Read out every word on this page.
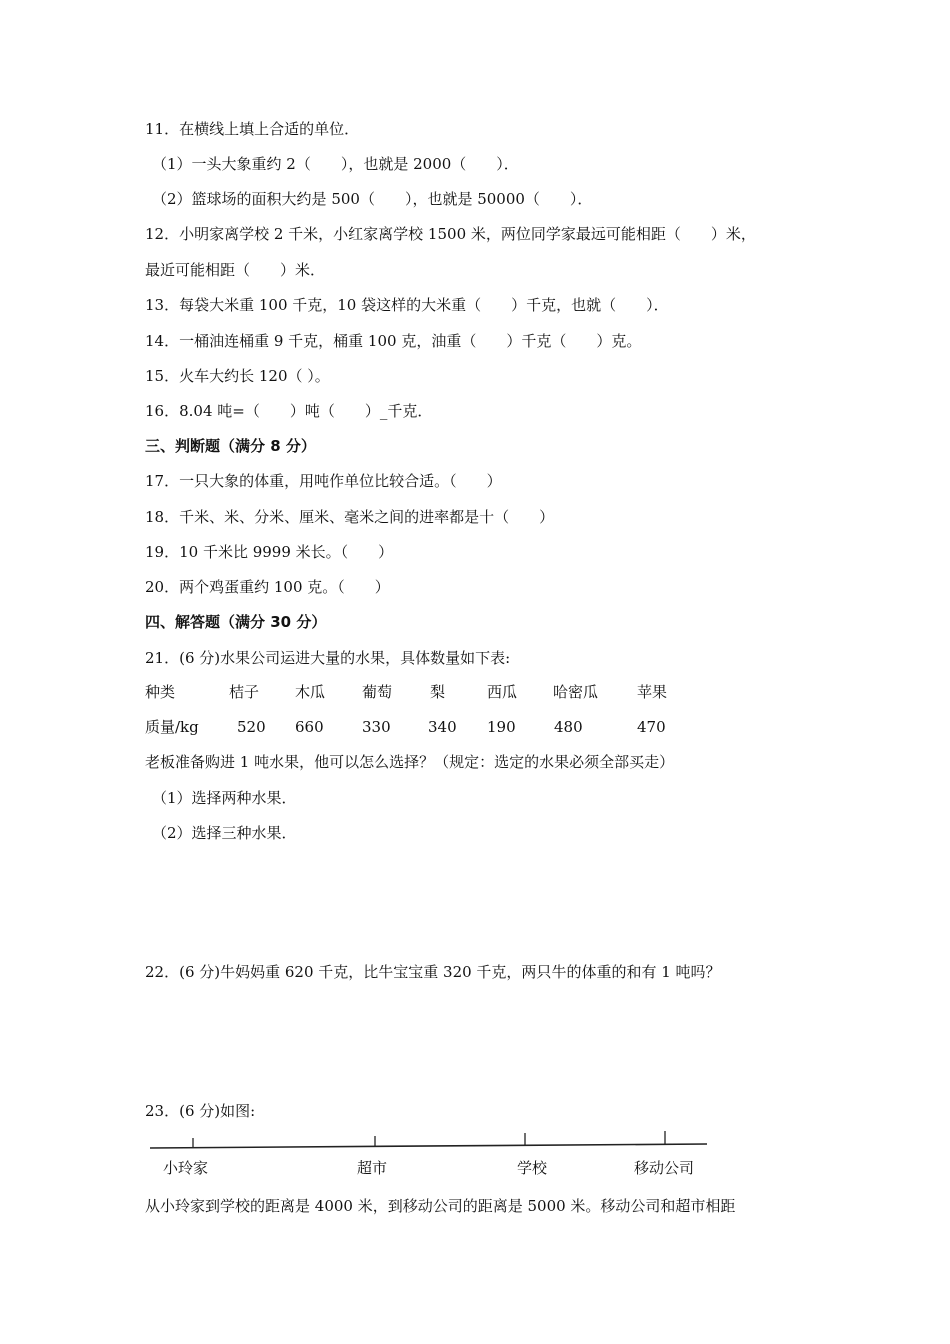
11．在横线上填上合适的单位．
（1）一头大象重约 2（　　），也就是 2000（　　）．
（2）篮球场的面积大约是 500（　　），也就是 50000（　　）．
12．小明家离学校 2 千米，小红家离学校 1500 米，两位同学家最远可能相距（　　）米，
最近可能相距（　　）米．
13．每袋大米重 100 千克，10 袋这样的大米重（　　）千克，也就（　　）．
14．一桶油连桶重 9 千克，桶重 100 克，油重（　　）千克（　　）克。
15．火车大约长 120（ ）。
16．8.04 吨=（　　）吨（　　）_千克．
三、判断题（满分 8 分）
17．一只大象的体重，用吨作单位比较合适。（　　）
18．千米、米、分米、厘米、毫米之间的进率都是十（　　）
19．10 千米比 9999 米长。（　　）
20．两个鸡蛋重约 100 克。（　　）
四、解答题（满分 30 分）
21．(6 分)水果公司运进大量的水果，具体数量如下表:
种类	桔子 木瓜 葡萄	梨	西瓜 哈密瓜	苹果
质量/kg	520 660	330 340 190	480	470
老板准备购进 1 吨水果，他可以怎么选择？（规定：选定的水果必须全部买走）
（1）选择两种水果．
（2）选择三种水果．
22．(6 分)牛妈妈重 620 千克，比牛宝宝重 320 千克，两只牛的体重的和有 1 吨吗？
23．(6 分)如图:
小玲家	超市	学校	移动公司
从小玲家到学校的距离是 4000 米，到移动公司的距离是 5000 米。移动公司和超市相距
